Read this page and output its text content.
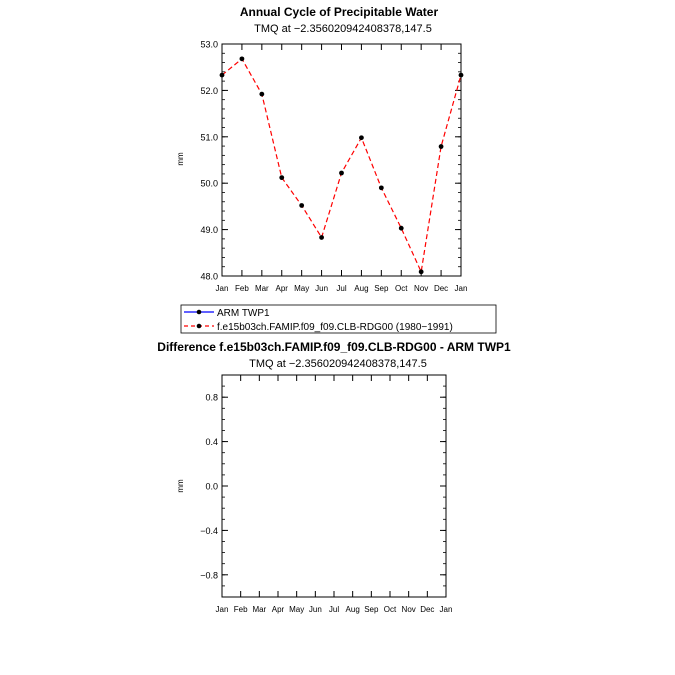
Annual Cycle of Precipitable Water
TMQ at −2.356020942408378,147.5
mm
48.0
49.0
50.0
51.0
52.0
53.0
Jan Feb Mar Apr May Jun Jul Aug Sep Oct Nov Dec Jan
ARM TWP1
f.e15b03ch.FAMIP.f09_f09.CLB-RDG00 (1980−1991)
Difference f.e15b03ch.FAMIP.f09_f09.CLB-RDG00 - ARM TWP1
TMQ at −2.356020942408378,147.5
mm
−0.8
−0.4
0.0
0.4
0.8
Jan Feb Mar Apr May Jun Jul Aug Sep Oct Nov Dec Jan
